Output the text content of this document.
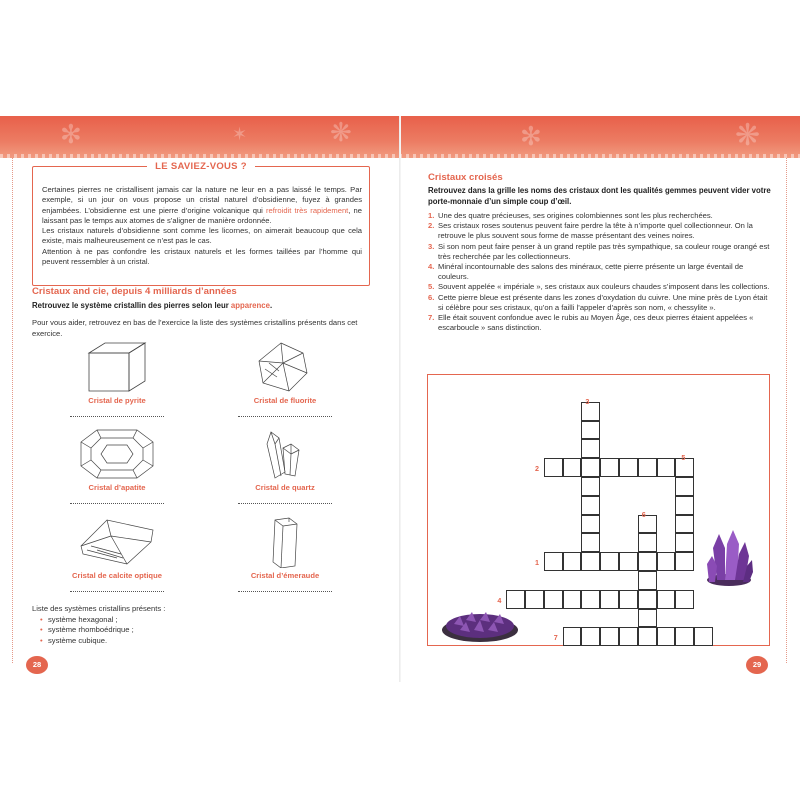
✻	✶	❋	✻	❋
LE SAVIEZ-VOUS ?
Certaines pierres ne cristallisent jamais car la nature ne leur en a pas laissé le temps. Par exemple, si un jour on vous propose un cristal naturel d’obsidienne, fuyez à grandes enjambées. L’obsidienne est une pierre d’origine volcanique qui refroidit très rapidement, ne laissant pas le temps aux atomes de s’aligner de manière ordonnée.
Les cristaux naturels d’obsidienne sont comme les licornes, on aimerait beaucoup que cela existe, mais malheureusement ce n’est pas le cas.
Attention à ne pas confondre les cristaux naturels et les formes taillées par l’homme qui peuvent ressembler à un cristal.
Cristaux and cie, depuis 4 milliards d’années
Retrouvez le système cristallin des pierres selon leur apparence.
Pour vous aider, retrouvez en bas de l’exercice la liste des systèmes cristallins présents dans cet exercice.
Cristal de pyrite	Cristal de fluorite
Cristal d’apatite	Cristal de quartz
Cristal de calcite optique	Cristal d’émeraude
Liste des systèmes cristallins présents :
• système hexagonal ;
• système rhomboédrique ;
• système cubique.
28
Cristaux croisés
Retrouvez dans la grille les noms des cristaux dont les qualités gemmes peuvent vider votre porte-monnaie d’un simple coup d’œil.
1. Une des quatre précieuses, ses origines colombiennes sont les plus recherchées.
2. Ses cristaux roses soutenus peuvent faire perdre la tête à n’importe quel collectionneur. On la retrouve le plus souvent sous forme de masse présentant des veines noires.
3. Si son nom peut faire penser à un grand reptile pas très sympathique, sa couleur rouge orangé est très recherchée par les collectionneurs.
4. Minéral incontournable des salons des minéraux, cette pierre présente un large éventail de couleurs.
5. Souvent appelée « impériale », ses cristaux aux couleurs chaudes s’imposent dans les collections.
6. Cette pierre bleue est présente dans les zones d’oxydation du cuivre. Une mine près de Lyon était si célèbre pour ses cristaux, qu’on a failli l’appeler d’après son nom, « chessylite ».
7. Elle était souvent confondue avec le rubis au Moyen Âge, ces deux pierres étaient appelées « escarboucle » sans distinction.
3
5
2
6
1
4
7
29
